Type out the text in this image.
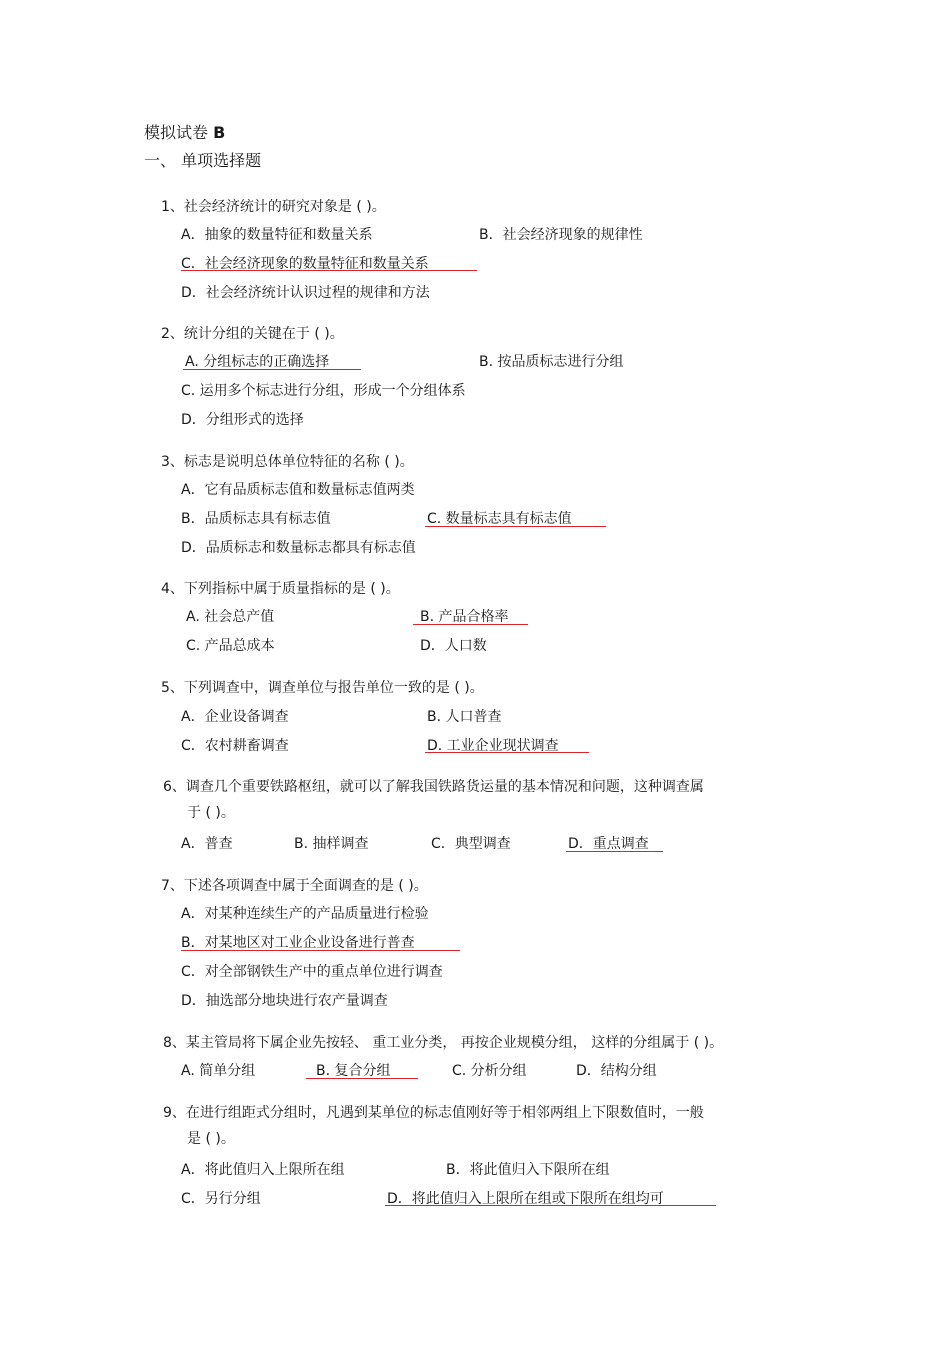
模拟试卷 B
一、 单项选择题
1、社会经济统计的研究对象是 ( )。
A．抽象的数量特征和数量关系	B．社会经济现象的规律性
C．社会经济现象的数量特征和数量关系
D．社会经济统计认识过程的规律和方法
2、统计分组的关键在于 ( )。
A. 分组标志的正确选择	B. 按品质标志进行分组
C. 运用多个标志进行分组，形成一个分组体系
D．分组形式的选择
3、标志是说明总体单位特征的名称 ( )。
A．它有品质标志值和数量标志值两类
B．品质标志具有标志值	C. 数量标志具有标志值
D．品质标志和数量标志都具有标志值
4、下列指标中属于质量指标的是 ( )。
A. 社会总产值	B. 产品合格率
C. 产品总成本	D．人口数
5、下列调查中，调查单位与报告单位一致的是 ( )。
A．企业设备调查	B. 人口普查
C．农村耕畜调查	D. 工业企业现状调查
6、调查几个重要铁路枢纽，就可以了解我国铁路货运量的基本情况和问题，这种调查属
于 ( )。
A．普查	B. 抽样调查	C．典型调查	D．重点调查
7、下述各项调查中属于全面调查的是 ( )。
A．对某种连续生产的产品质量进行检验
B．对某地区对工业企业设备进行普查
C．对全部钢铁生产中的重点单位进行调查
D．抽选部分地块进行农产量调查
8、某主管局将下属企业先按轻、 重工业分类， 再按企业规模分组， 这样的分组属于 ( )。
A. 简单分组	B. 复合分组	C. 分析分组	D．结构分组
9、在进行组距式分组时，凡遇到某单位的标志值刚好等于相邻两组上下限数值时，一般
是 ( )。
A．将此值归入上限所在组	B．将此值归入下限所在组
C．另行分组	D．将此值归入上限所在组或下限所在组均可
